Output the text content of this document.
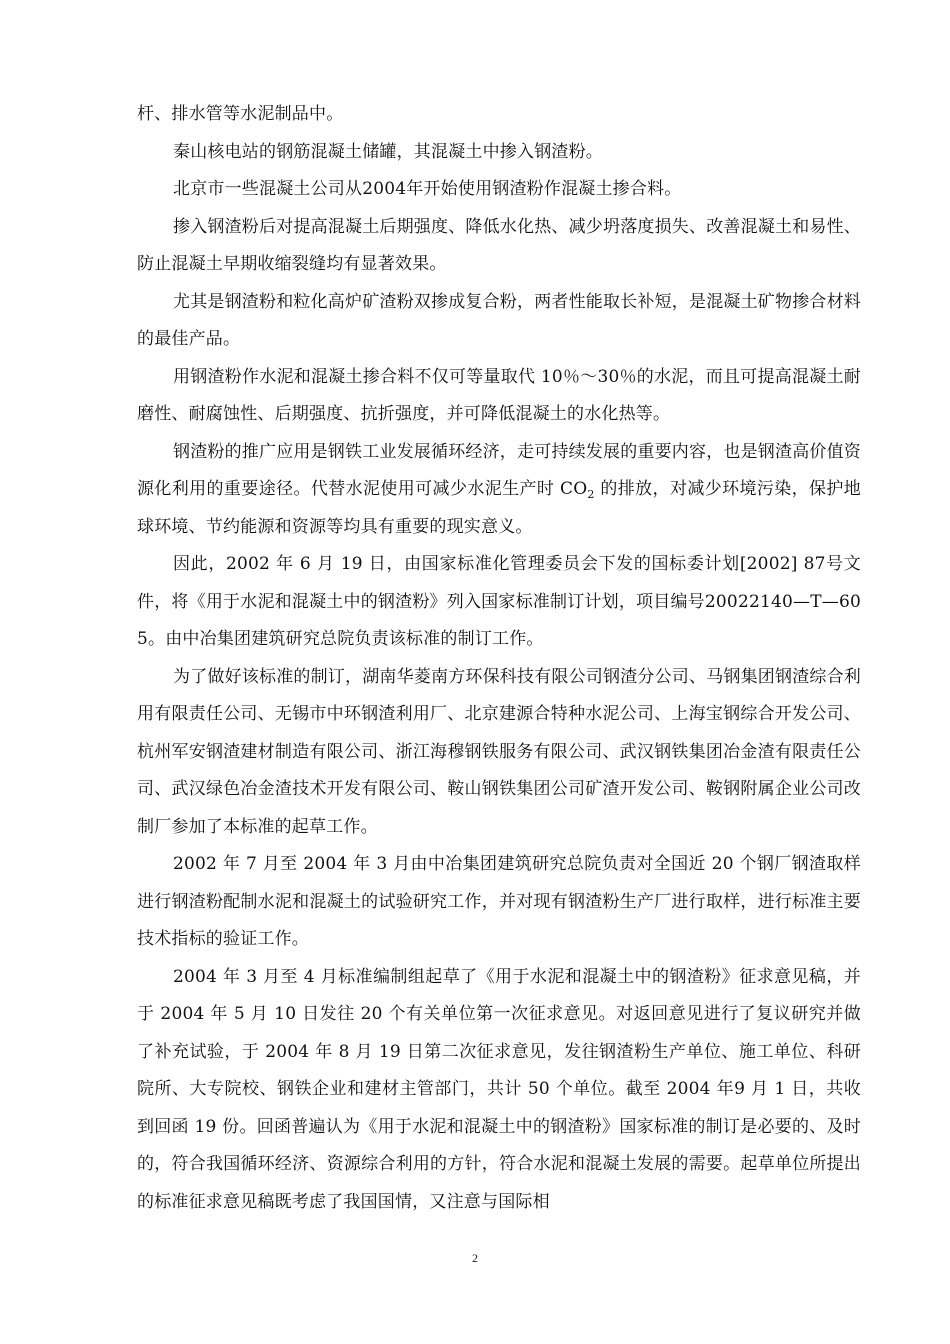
杆、排水管等水泥制品中。

秦山核电站的钢筋混凝土储罐，其混凝土中掺入钢渣粉。

北京市一些混凝土公司从2004年开始使用钢渣粉作混凝土掺合料。

掺入钢渣粉后对提高混凝土后期强度、降低水化热、减少坍落度损失、改善混凝土和易性、防止混凝土早期收缩裂缝均有显著效果。

尤其是钢渣粉和粒化高炉矿渣粉双掺成复合粉，两者性能取长补短，是混凝土矿物掺合材料的最佳产品。

用钢渣粉作水泥和混凝土掺合料不仅可等量取代 10％～30％的水泥，而且可提高混凝土耐磨性、耐腐蚀性、后期强度、抗折强度，并可降低混凝土的水化热等。

钢渣粉的推广应用是钢铁工业发展循环经济，走可持续发展的重要内容，也是钢渣高价值资源化利用的重要途径。代替水泥使用可减少水泥生产时 $CO_2$ 的排放，对减少环境污染，保护地球环境、节约能源和资源等均具有重要的现实意义。

因此，2002 年 6 月 19 日，由国家标准化管理委员会下发的国标委计划[2002] 87号文件，将《用于水泥和混凝土中的钢渣粉》列入国家标准制订计划，项目编号20022140—T—605。由中冶集团建筑研究总院负责该标准的制订工作。

为了做好该标准的制订，湖南华菱南方环保科技有限公司钢渣分公司、马钢集团钢渣综合利用有限责任公司、无锡市中环钢渣利用厂、北京建源合特种水泥公司、上海宝钢综合开发公司、杭州军安钢渣建材制造有限公司、浙江海穆钢铁服务有限公司、武汉钢铁集团冶金渣有限责任公司、武汉绿色冶金渣技术开发有限公司、鞍山钢铁集团公司矿渣开发公司、鞍钢附属企业公司改制厂参加了本标准的起草工作。

2002 年 7 月至 2004 年 3 月由中冶集团建筑研究总院负责对全国近 20 个钢厂钢渣取样进行钢渣粉配制水泥和混凝土的试验研究工作，并对现有钢渣粉生产厂进行取样，进行标准主要技术指标的验证工作。

2004 年 3 月至 4 月标准编制组起草了《用于水泥和混凝土中的钢渣粉》征求意见稿，并于 2004 年 5 月 10 日发往 20 个有关单位第一次征求意见。对返回意见进行了复议研究并做了补充试验，于 2004 年 8 月 19 日第二次征求意见，发往钢渣粉生产单位、施工单位、科研院所、大专院校、钢铁企业和建材主管部门，共计 50 个单位。截至 2004 年9 月 1 日，共收到回函 19 份。回函普遍认为《用于水泥和混凝土中的钢渣粉》国家标准的制订是必要的、及时的，符合我国循环经济、资源综合利用的方针，符合水泥和混凝土发展的需要。起草单位所提出的标准征求意见稿既考虑了我国国情，又注意与国际相

2
